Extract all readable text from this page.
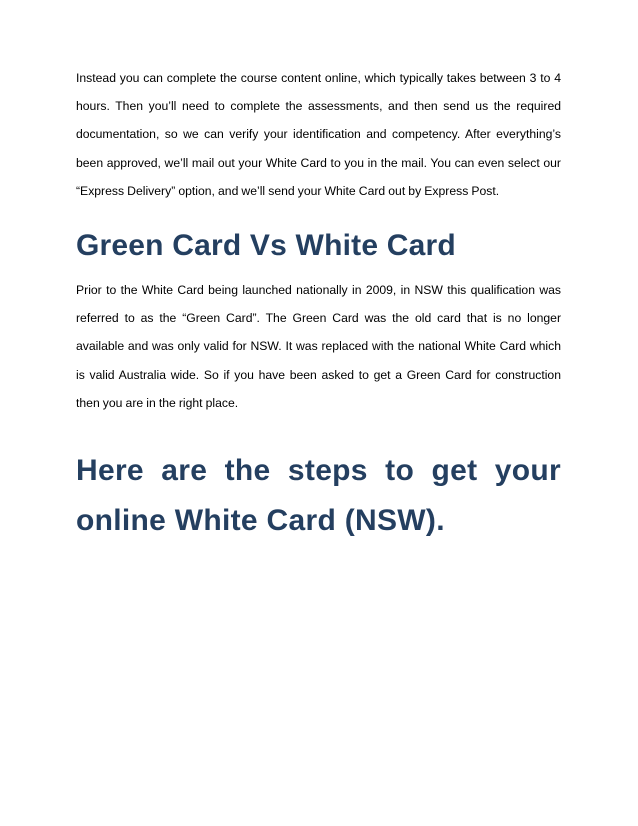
Instead you can complete the course content online, which typically takes between 3 to 4 hours. Then you’ll need to complete the assessments, and then send us the required documentation, so we can verify your identification and competency. After everything’s been approved, we’ll mail out your White Card to you in the mail. You can even select our “Express Delivery” option, and we’ll send your White Card out by Express Post.

Green Card Vs White Card

Prior to the White Card being launched nationally in 2009, in NSW this qualification was referred to as the “Green Card”. The Green Card was the old card that is no longer available and was only valid for NSW. It was replaced with the national White Card which is valid Australia wide. So if you have been asked to get a Green Card for construction then you are in the right place.

Here are the steps to get your online White Card (NSW).
